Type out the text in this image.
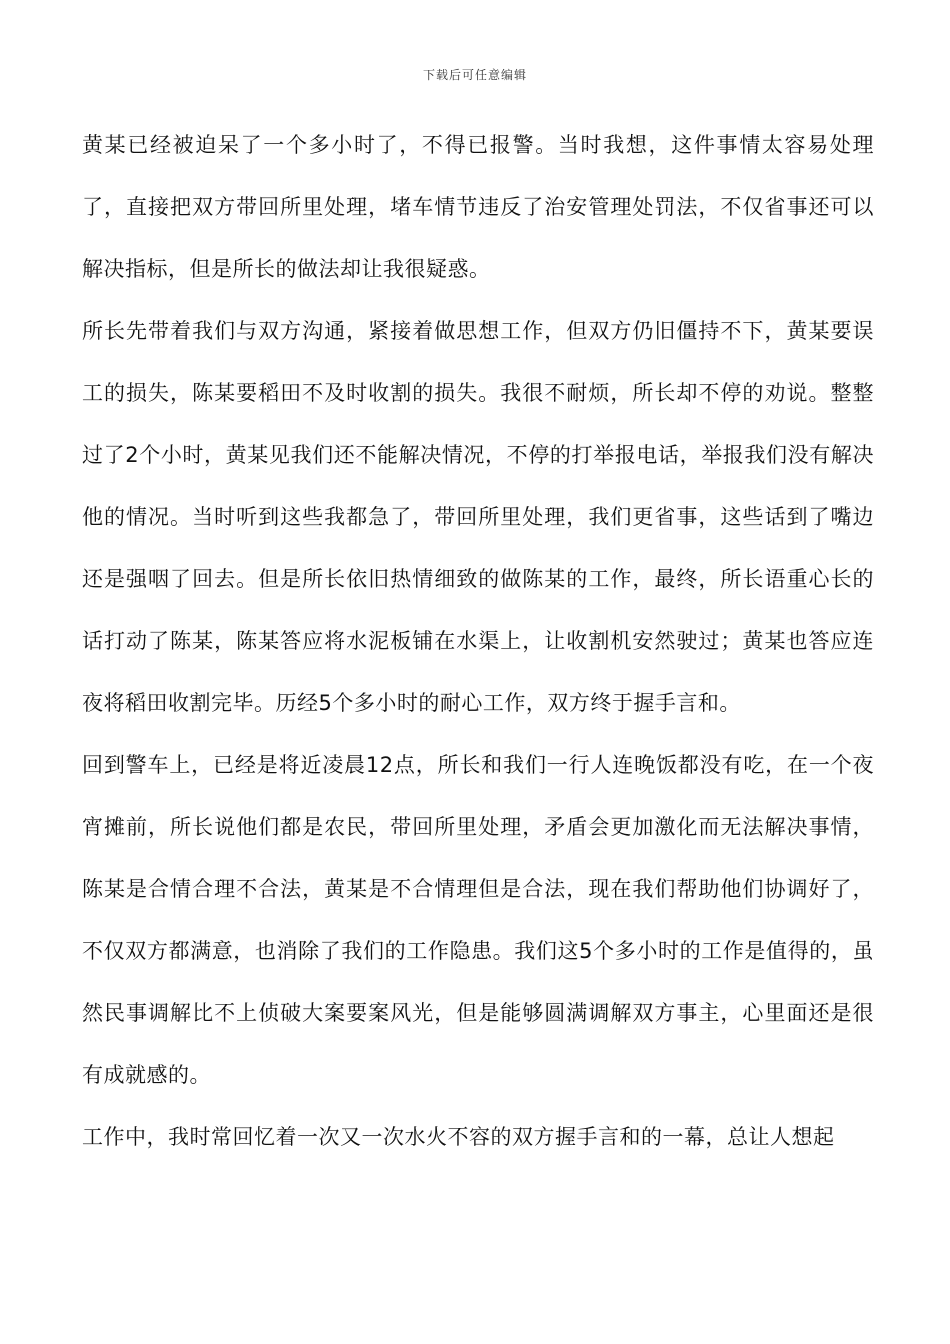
下载后可任意编辑

黄某已经被迫呆了一个多小时了，不得已报警。当时我想，这件事情太容易处理了，直接把双方带回所里处理，堵车情节违反了治安管理处罚法，不仅省事还可以解决指标，但是所长的做法却让我很疑惑。

所长先带着我们与双方沟通，紧接着做思想工作，但双方仍旧僵持不下，黄某要误工的损失，陈某要稻田不及时收割的损失。我很不耐烦，所长却不停的劝说。整整过了2个小时，黄某见我们还不能解决情况，不停的打举报电话，举报我们没有解决他的情况。当时听到这些我都急了，带回所里处理，我们更省事，这些话到了嘴边还是强咽了回去。但是所长依旧热情细致的做陈某的工作，最终，所长语重心长的话打动了陈某，陈某答应将水泥板铺在水渠上，让收割机安然驶过；黄某也答应连夜将稻田收割完毕。历经5个多小时的耐心工作，双方终于握手言和。

回到警车上，已经是将近凌晨12点，所长和我们一行人连晚饭都没有吃，在一个夜宵摊前，所长说他们都是农民，带回所里处理，矛盾会更加激化而无法解决事情，陈某是合情合理不合法，黄某是不合情理但是合法，现在我们帮助他们协调好了，不仅双方都满意，也消除了我们的工作隐患。我们这5个多小时的工作是值得的，虽然民事调解比不上侦破大案要案风光，但是能够圆满调解双方事主，心里面还是很有成就感的。

工作中，我时常回忆着一次又一次水火不容的双方握手言和的一幕，总让人想起
